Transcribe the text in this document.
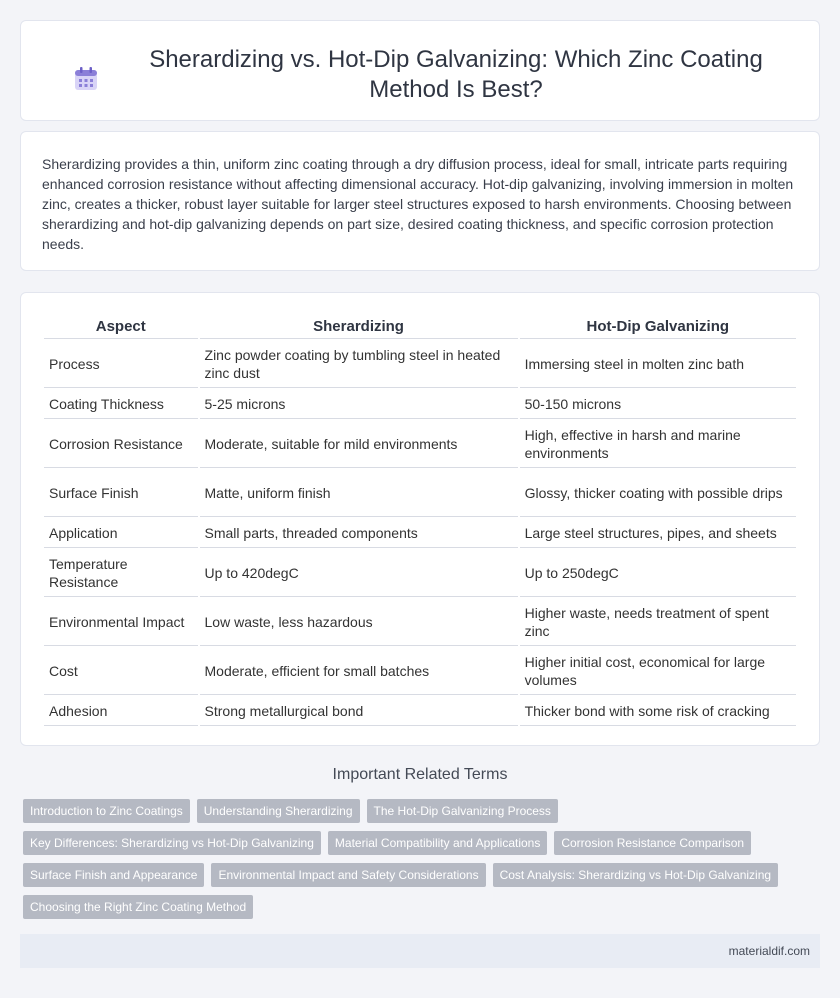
Sherardizing vs. Hot-Dip Galvanizing: Which Zinc Coating Method Is Best?

Sherardizing provides a thin, uniform zinc coating through a dry diffusion process, ideal for small, intricate parts requiring enhanced corrosion resistance without affecting dimensional accuracy. Hot-dip galvanizing, involving immersion in molten zinc, creates a thicker, robust layer suitable for larger steel structures exposed to harsh environments. Choosing between sherardizing and hot-dip galvanizing depends on part size, desired coating thickness, and specific corrosion protection needs.

Aspect	Sherardizing	Hot-Dip Galvanizing
Process	Zinc powder coating by tumbling steel in heated zinc dust	Immersing steel in molten zinc bath
Coating Thickness	5-25 microns	50-150 microns
Corrosion Resistance	Moderate, suitable for mild environments	High, effective in harsh and marine environments
Surface Finish	Matte, uniform finish	Glossy, thicker coating with possible drips
Application	Small parts, threaded components	Large steel structures, pipes, and sheets
Temperature Resistance	Up to 420degC	Up to 250degC
Environmental Impact	Low waste, less hazardous	Higher waste, needs treatment of spent zinc
Cost	Moderate, efficient for small batches	Higher initial cost, economical for large volumes
Adhesion	Strong metallurgical bond	Thicker bond with some risk of cracking
Important Related Terms
Introduction to Zinc Coatings	Understanding Sherardizing	The Hot-Dip Galvanizing Process
Key Differences: Sherardizing vs Hot-Dip Galvanizing	Material Compatibility and Applications	Corrosion Resistance Comparison
Surface Finish and Appearance	Environmental Impact and Safety Considerations	Cost Analysis: Sherardizing vs Hot-Dip Galvanizing
Choosing the Right Zinc Coating Method
materialdif.com
